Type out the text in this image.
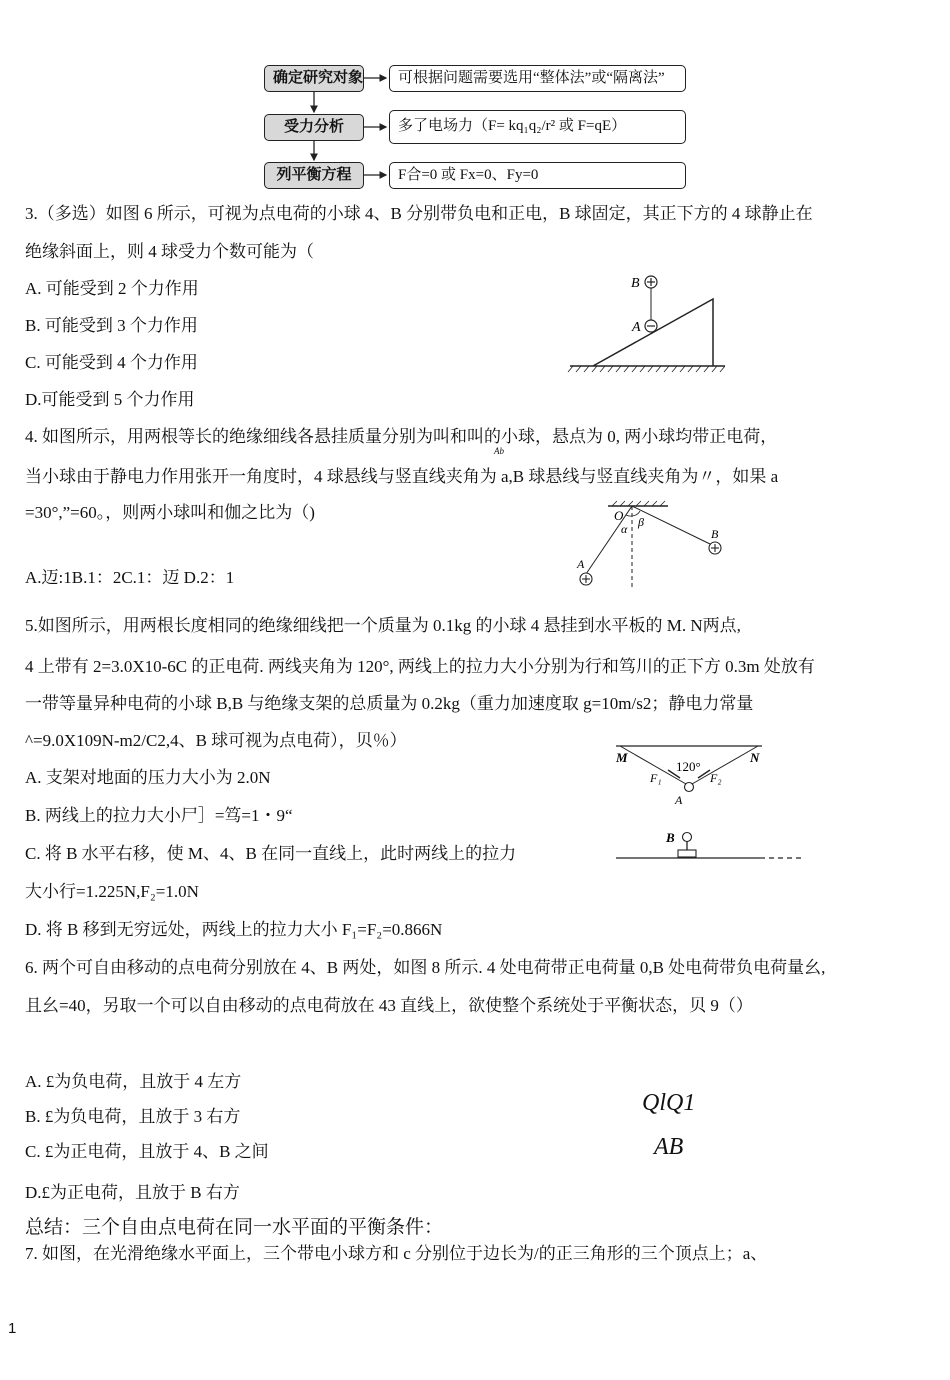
确定研究对象	可根据问题需要选用“整体法”或“隔离法”
受力分析	多了电场力（F= kq₁q₂/r² 或 F=qE）
列平衡方程	F合=0 或 Fx=0、Fy=0
3.（多选）如图 6 所示，可视为点电荷的小球 4、B 分别带负电和正电，B 球固定，其正下方的 4 球静止在
绝缘斜面上，则 4 球受力个数可能为（
A. 可能受到 2 个力作用
B. 可能受到 3 个力作用
C. 可能受到 4 个力作用
D.可能受到 5 个力作用
B
A
4. 如图所示，用两根等长的绝缘细线各悬挂质量分别为叫和叫的小球，悬点为 0, 两小球均带正电荷，
Ab
当小球由于静电力作用张开一角度时，4 球悬线与竖直线夹角为 a,B 球悬线与竖直线夹角为〃，如果 a
=30°,”=60。，则两小球叫和伽之比为（)
A.迈:1B.1：2C.1：迈 D.2：1
O
α β
A
B
5.如图所示，用两根长度相同的绝缘细线把一个质量为 0.1kg 的小球 4 悬挂到水平板的 M. N两点,
4 上带有 2=3.0X10-6C 的正电荷. 两线夹角为 120°, 两线上的拉力大小分别为行和笃川的正下方 0.3m 处放有
一带等量异种电荷的小球 B,B 与绝缘支架的总质量为 0.2kg（重力加速度取 g=10m/s2；静电力常量
^=9.0X109N-m2/C2,4、B 球可视为点电荷），贝％）
A. 支架对地面的压力大小为 2.0N
B. 两线上的拉力大小尸］=笃=1・9“
C. 将 B 水平右移，使 M、4、B 在同一直线上，此时两线上的拉力
大小行=1.225N,F₂=1.0N
D. 将 B 移到无穷远处，两线上的拉力大小 F₁=F₂=0.866N
M	N
120°
F₁	F₂
A
B
6. 两个可自由移动的点电荷分别放在 4、B 两处，如图 8 所示. 4 处电荷带正电荷量 0,B 处电荷带负电荷量幺,
且幺=40，另取一个可以自由移动的点电荷放在 43 直线上，欲使整个系统处于平衡状态，贝 9（）
A. £为负电荷，且放于 4 左方
B. £为负电荷，且放于 3 右方
C. £为正电荷，且放于 4、B 之间
D.£为正电荷，且放于 B 右方
QlQ1
AB
总结：三个自由点电荷在同一水平面的平衡条件：
7. 如图，在光滑绝缘水平面上，三个带电小球方和 c 分别位于边长为/的正三角形的三个顶点上；a、
1
